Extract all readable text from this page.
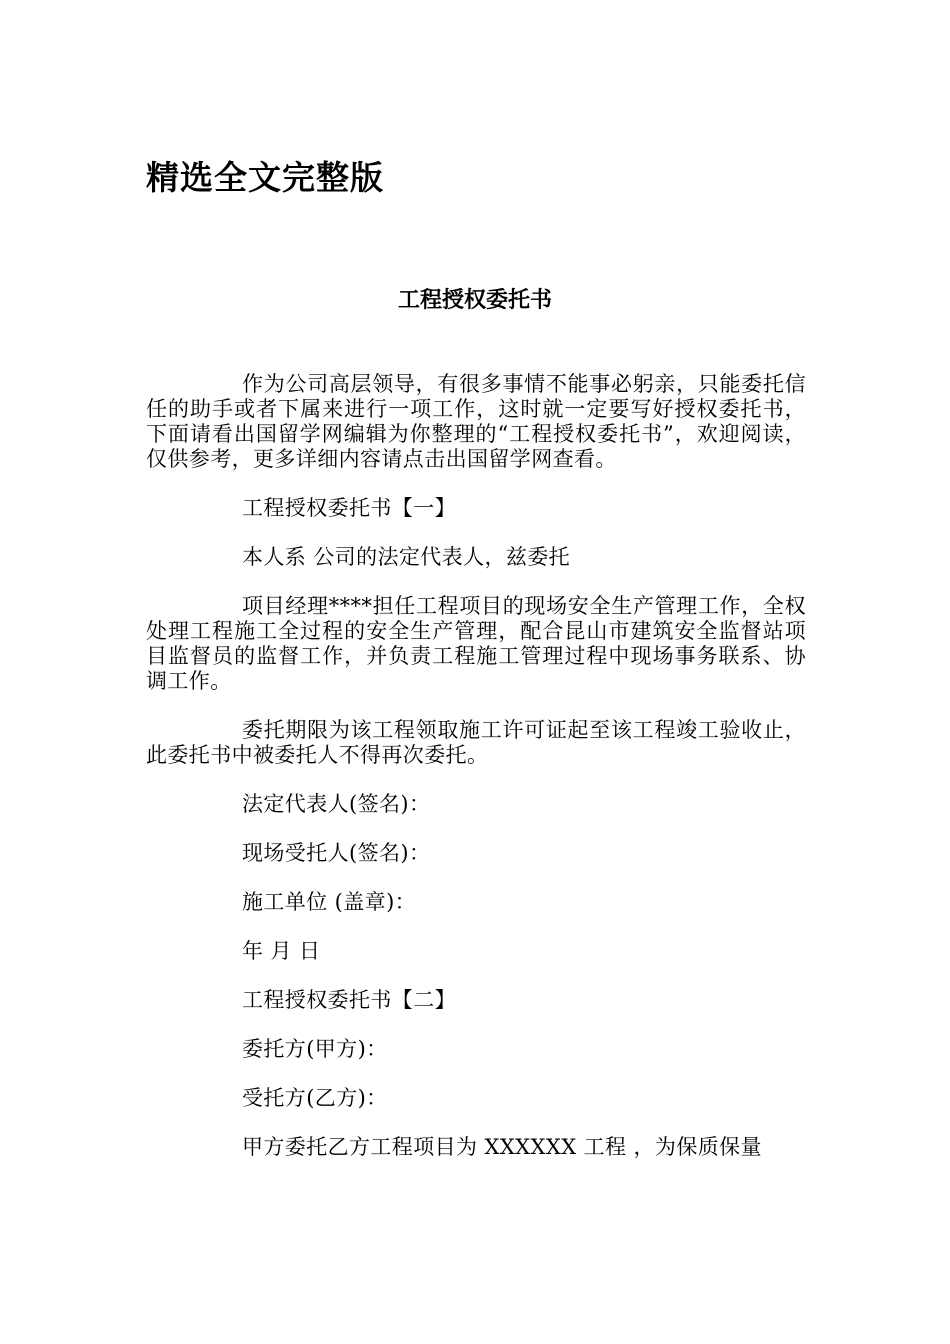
精选全文完整版
工程授权委托书

作为公司高层领导，有很多事情不能事必躬亲，只能委托信任的助手或者下属来进行一项工作，这时就一定要写好授权委托书，下面请看出国留学网编辑为你整理的“工程授权委托书”，欢迎阅读，仅供参考，更多详细内容请点击出国留学网查看。

工程授权委托书【一】

本人系 公司的法定代表人，兹委托

项目经理****担任工程项目的现场安全生产管理工作，全权处理工程施工全过程的安全生产管理，配合昆山市建筑安全监督站项目监督员的监督工作，并负责工程施工管理过程中现场事务联系、协调工作。

委托期限为该工程领取施工许可证起至该工程竣工验收止，此委托书中被委托人不得再次委托。

法定代表人(签名)：

现场受托人(签名)：

施工单位 (盖章)：

年 月 日

工程授权委托书【二】

委托方(甲方)：

受托方(乙方)：

甲方委托乙方工程项目为 XXXXXX 工程 ，为保质保量
